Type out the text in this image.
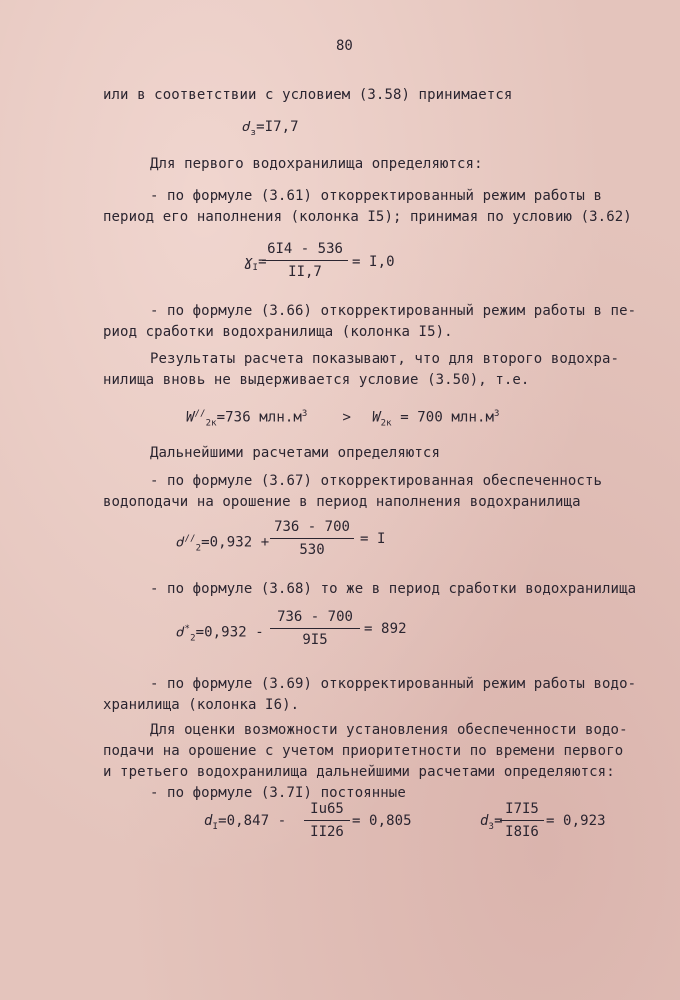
80
или в соответствии с условием (3.58) принимается
ძ$_з$=I7,7
Для первого водохранилища определяются:
- по формуле (3.61) откорректированный режим работы в
период его наполнения (колонка I5); принимая по условию (3.62)
ɣ$_I$=
6I4 - 536
II,7
= I,0
- по формуле (3.66) откорректированный режим работы в пе-
риод сработки водохранилища (колонка I5).
Результаты расчета показывают, что для второго водохра-
нилища вновь не выдерживается условие (3.50), т.е.
$W^{//}_{2к}=736$ $млн.м^3$	> $W_{2к} = 700$ $млн.м^3$
Дальнейшими расчетами определяются
- по формуле (3.67) откорректированная обеспеченность
водоподачи на орошение в период наполнения водохранилища
ძ//$_2$=0,932 +
736 - 700
530
= I
- по формуле (3.68) то же в период сработки водохранилища
ძ*$_2$=0,932 -
736 - 700
9I5
= 892
- по формуле (3.69) откорректированный режим работы водо-
хранилища (колонка I6).
Для оценки возможности установления обеспеченности водо-
подачи на орошение с учетом приоритетности по времени первого
и третьего водохранилища дальнейшими расчетами определяются:
- по формуле (3.7I) постоянные
$d_I=0,847$ -
Iu65
II26
= 0,805	$d_3=$
I7I5
I8I6
= 0,923
